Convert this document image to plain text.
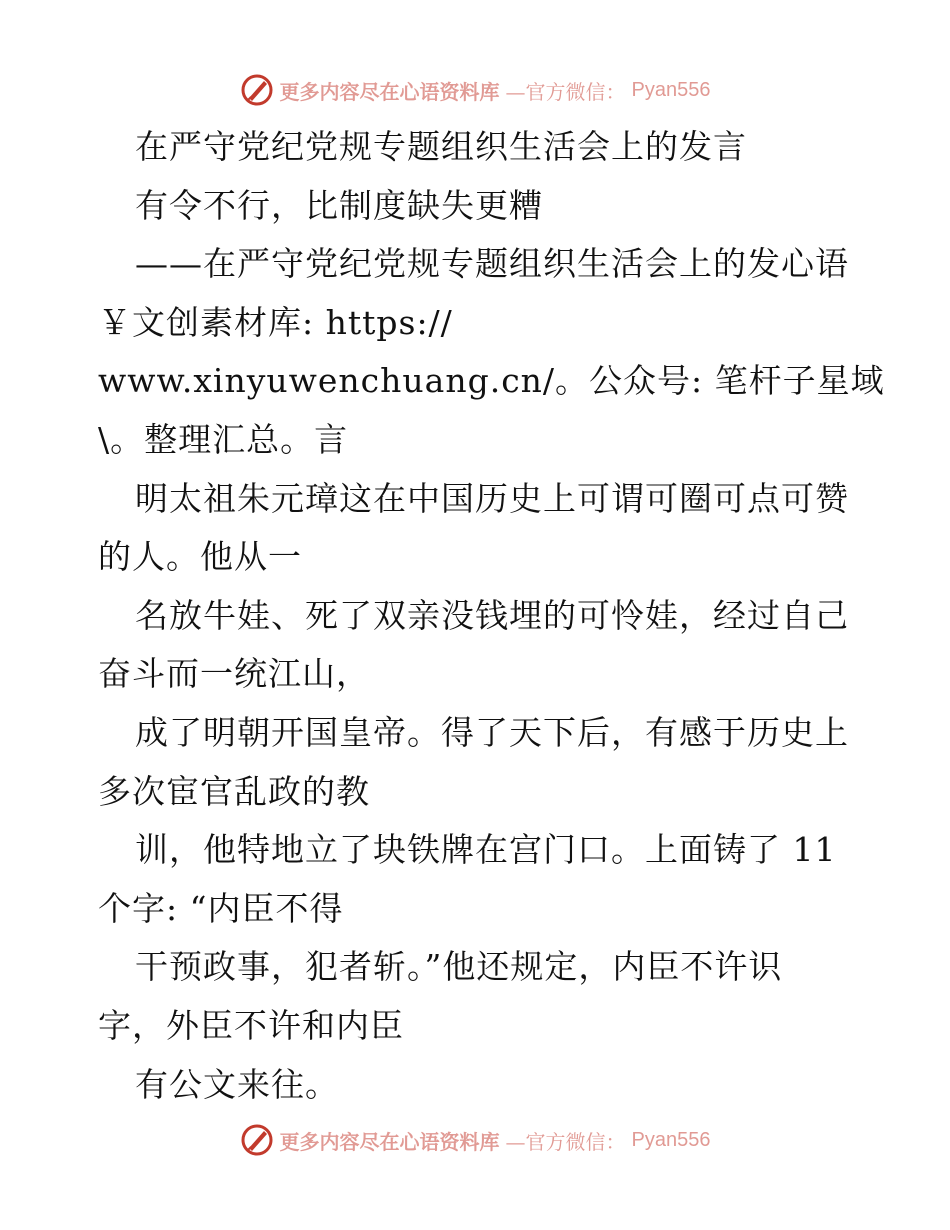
更多内容尽在心语资料库 —官方微信： Pyan556
在严守党纪党规专题组织生活会上的发言
有令不行，比制度缺失更糟
——在严守党纪党规专题组织生活会上的发心语
￥文创素材库: https://
www.xinyuwenchuang.cn/。公众号: 笔杆子星域
\。整理汇总。言
明太祖朱元璋这在中国历史上可谓可圈可点可赞
的人。他从一
名放牛娃、死了双亲没钱埋的可怜娃，经过自己
奋斗而一统江山，
成了明朝开国皇帝。得了天下后，有感于历史上
多次宦官乱政的教
训，他特地立了块铁牌在宫门口。上面铸了 11
个字: “内臣不得
干预政事，犯者斩。”他还规定，内臣不许识
字，外臣不许和内臣
有公文来往。
更多内容尽在心语资料库 —官方微信： Pyan556
